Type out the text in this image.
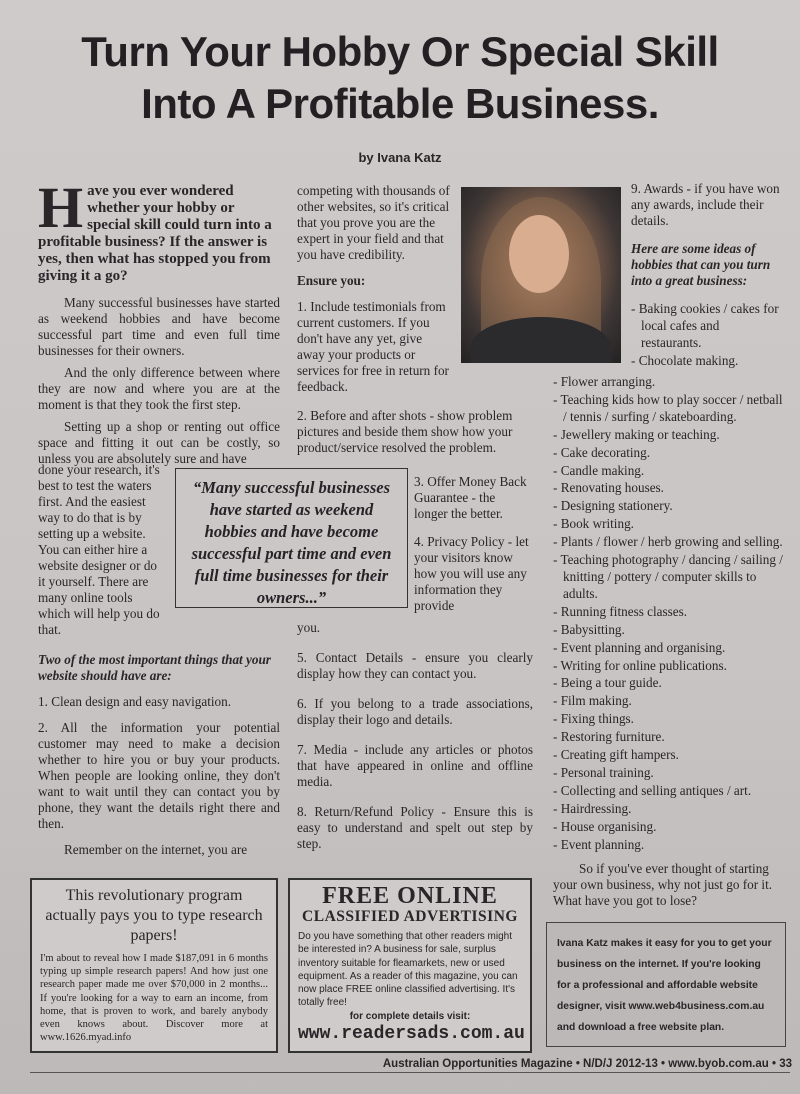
Turn Your Hobby Or Special Skill
Into A Profitable Business.
by Ivana Katz

Have you ever wondered whether your hobby or special skill could turn into a profitable business? If the answer is yes, then what has stopped you from giving it a go?

Many successful businesses have started as weekend hobbies and have become successful part time and even full time businesses for their owners.

And the only difference between where they are now and where you are at the moment is that they took the first step.

Setting up a shop or renting out office space and fitting it out can be costly, so unless you are absolutely sure and have

done your research, it's best to test the waters first. And the easiest way to do that is by setting up a website. You can either hire a website designer or do it yourself. There are many online tools which will help you do that.

Two of the most important things that your website should have are:

1. Clean design and easy navigation.

2. All the information your potential customer may need to make a decision whether to hire you or buy your products. When people are looking online, they don't want to wait until they can contact you by phone, they want the details right there and then.

Remember on the internet, you are

competing with thousands of other websites, so it's critical that you prove you are the expert in your field and that you have credibility.

Ensure you:

1. Include testimonials from current customers. If you don't have any yet, give away your products or services for free in return for feedback.

2. Before and after shots - show problem pictures and beside them show how your product/service resolved the problem.

3. Offer Money Back Guarantee - the longer the better.

4. Privacy Policy - let your visitors know how you will use any information they provide

you.

5. Contact Details - ensure you clearly display how they can contact you.

6. If you belong to a trade associations, display their logo and details.

7. Media - include any articles or photos that have appeared in online and offline media.

8. Return/Refund Policy - Ensure this is easy to understand and spelt out step by step.

“Many successful businesses have started as weekend hobbies and have become successful part time and even full time businesses for their owners...”

9. Awards - if you have won any awards, include their details.

Here are some ideas of hobbies that can you turn into a great business:

- Baking cookies / cakes for local cafes and restaurants.
- Chocolate making.
- Flower arranging.
- Teaching kids how to play soccer / netball / tennis / surfing / skateboarding.
- Jewellery making or teaching.
- Cake decorating.
- Candle making.
- Renovating houses.
- Designing stationery.
- Book writing.
- Plants / flower / herb growing and selling.
- Teaching photography / dancing / sailing / knitting / pottery / computer skills to adults.
- Running fitness classes.
- Babysitting.
- Event planning and organising.
- Writing for online publications.
- Being a tour guide.
- Film making.
- Fixing things.
- Restoring furniture.
- Creating gift hampers.
- Personal training.
- Collecting and selling antiques / art.
- Hairdressing.
- House organising.
- Event planning.

So if you've ever thought of starting your own business, why not just go for it. What have you got to lose?

This revolutionary program actually pays you to type research papers!
I'm about to reveal how I made $187,091 in 6 months typing up simple research papers! And how just one research paper made me over $70,000 in 2 months... If you're looking for a way to earn an income, from home, that is proven to work, and barely anybody even knows about. Discover more at www.1626.myad.info
FREE ONLINE
CLASSIFIED ADVERTISING
Do you have something that other readers might be interested in? A business for sale, surplus inventory suitable for fleamarkets, new or used equipment. As a reader of this magazine, you can now place FREE online classified advertising. It's totally free!
for complete details visit:
www.readersads.com.au
Ivana Katz makes it easy for you to get your business on the internet. If you're looking for a professional and affordable website designer, visit www.web4business.com.au and download a free website plan.
Australian Opportunities Magazine • N/D/J 2012-13 • www.byob.com.au • 33
